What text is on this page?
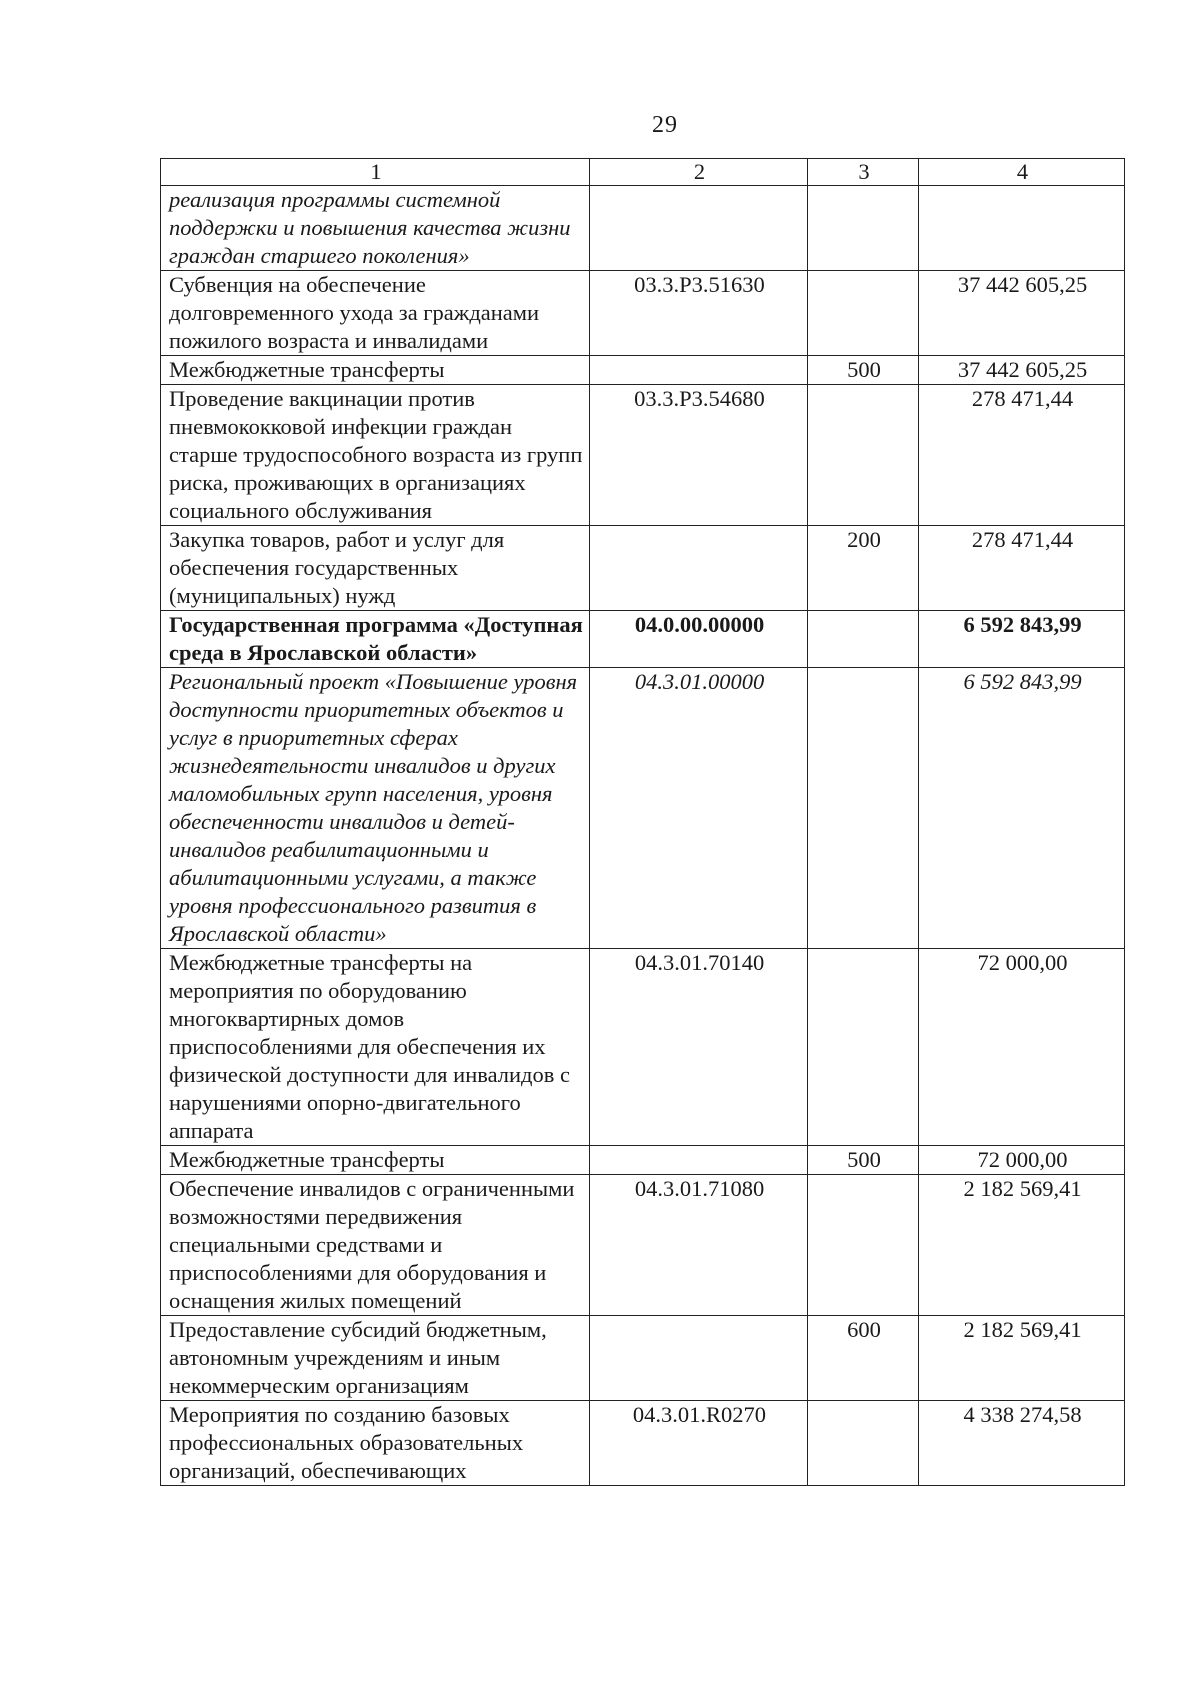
29
1	2	3	4
реализация программы системной поддержки и повышения качества жизни граждан старшего поколения»			
Субвенция на обеспечение долговременного ухода за гражданами пожилого возраста и инвалидами	03.3.P3.51630		37 442 605,25
Межбюджетные трансферты		500	37 442 605,25
Проведение вакцинации против пневмококковой инфекции граждан старше трудоспособного возраста из групп риска, проживающих в организациях социального обслуживания	03.3.P3.54680		278 471,44
Закупка товаров, работ и услуг для обеспечения государственных (муниципальных) нужд		200	278 471,44
Государственная программа «Доступная среда в Ярославской области»	04.0.00.00000		6 592 843,99
Региональный проект «Повышение уровня доступности приоритетных объектов и услуг в приоритетных сферах жизнедеятельности инвалидов и других маломобильных групп населения, уровня обеспеченности инвалидов и детей-инвалидов реабилитационными и абилитационными услугами, а также уровня профессионального развития в Ярославской области»	04.3.01.00000		6 592 843,99
Межбюджетные трансферты на мероприятия по оборудованию многоквартирных домов приспособлениями для обеспечения их физической доступности для инвалидов с нарушениями опорно-двигательного аппарата	04.3.01.70140		72 000,00
Межбюджетные трансферты		500	72 000,00
Обеспечение инвалидов с ограниченными возможностями передвижения специальными средствами и приспособлениями для оборудования и оснащения жилых помещений	04.3.01.71080		2 182 569,41
Предоставление субсидий бюджетным, автономным учреждениям и иным некоммерческим организациям		600	2 182 569,41
Мероприятия по созданию базовых профессиональных образовательных организаций, обеспечивающих	04.3.01.R0270		4 338 274,58
